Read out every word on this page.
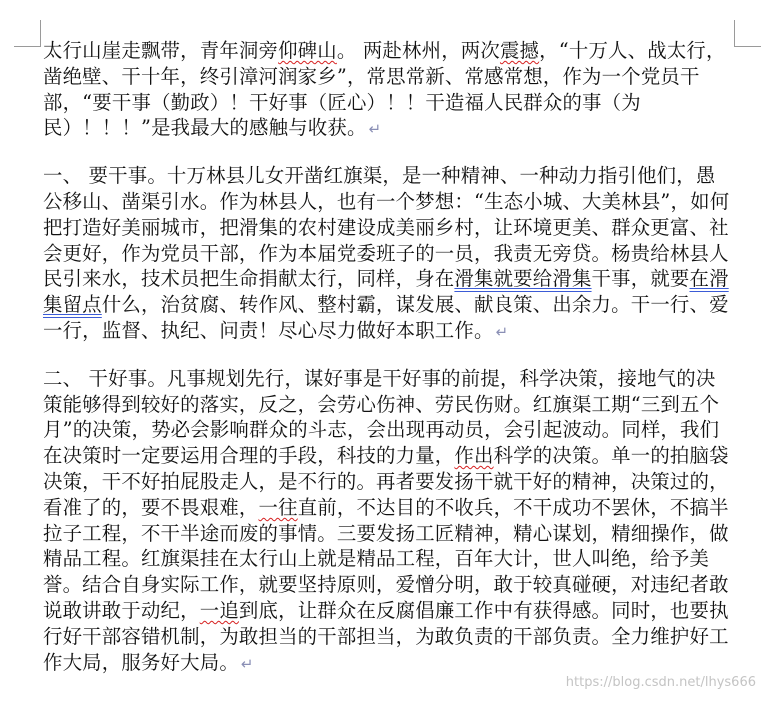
太行山崖走飘带，青年洞旁仰碑山。 两赴林州，两次震撼，“十万人、战太行，凿绝壁、干十年，终引漳河润家乡”，常思常新、常感常想，作为一个党员干部，“要干事（勤政）！干好事（匠心）！！干造福人民群众的事（为民）！！！”是我最大的感触与收获。 ↵

一、 要干事。十万林县儿女开凿红旗渠，是一种精神、一种动力指引他们，愚公移山、凿渠引水。作为林县人，也有一个梦想：“生态小城、大美林县”，如何把打造好美丽城市，把滑集的农村建设成美丽乡村，让环境更美、群众更富、社会更好，作为党员干部，作为本届党委班子的一员，我责无旁贷。杨贵给林县人民引来水，技术员把生命捐献太行，同样，身在滑集就要给滑集干事，就要在滑集留点什么，治贫腐、转作风、整村霸，谋发展、献良策、出余力。干一行、爱一行，监督、执纪、问责！尽心尽力做好本职工作。 ↵

二、 干好事。凡事规划先行，谋好事是干好事的前提，科学决策，接地气的决策能够得到较好的落实，反之，会劳心伤神、劳民伤财。红旗渠工期“三到五个月”的决策，势必会影响群众的斗志，会出现再动员，会引起波动。同样，我们在决策时一定要运用合理的手段，科技的力量，作出科学的决策。单一的拍脑袋决策，干不好拍屁股走人，是不行的。再者要发扬干就干好的精神，决策过的，看准了的，要不畏艰难，一往直前，不达目的不收兵，不干成功不罢休，不搞半拉子工程，不干半途而废的事情。三要发扬工匠精神，精心谋划，精细操作，做精品工程。红旗渠挂在太行山上就是精品工程，百年大计，世人叫绝，给予美誉。结合自身实际工作，就要坚持原则，爱憎分明，敢于较真碰硬，对违纪者敢说敢讲敢于动纪，一追到底，让群众在反腐倡廉工作中有获得感。同时，也要执行好干部容错机制，为敢担当的干部担当，为敢负责的干部负责。全力维护好工作大局，服务好大局。 ↵

https://blog.csdn.net/lhys666
